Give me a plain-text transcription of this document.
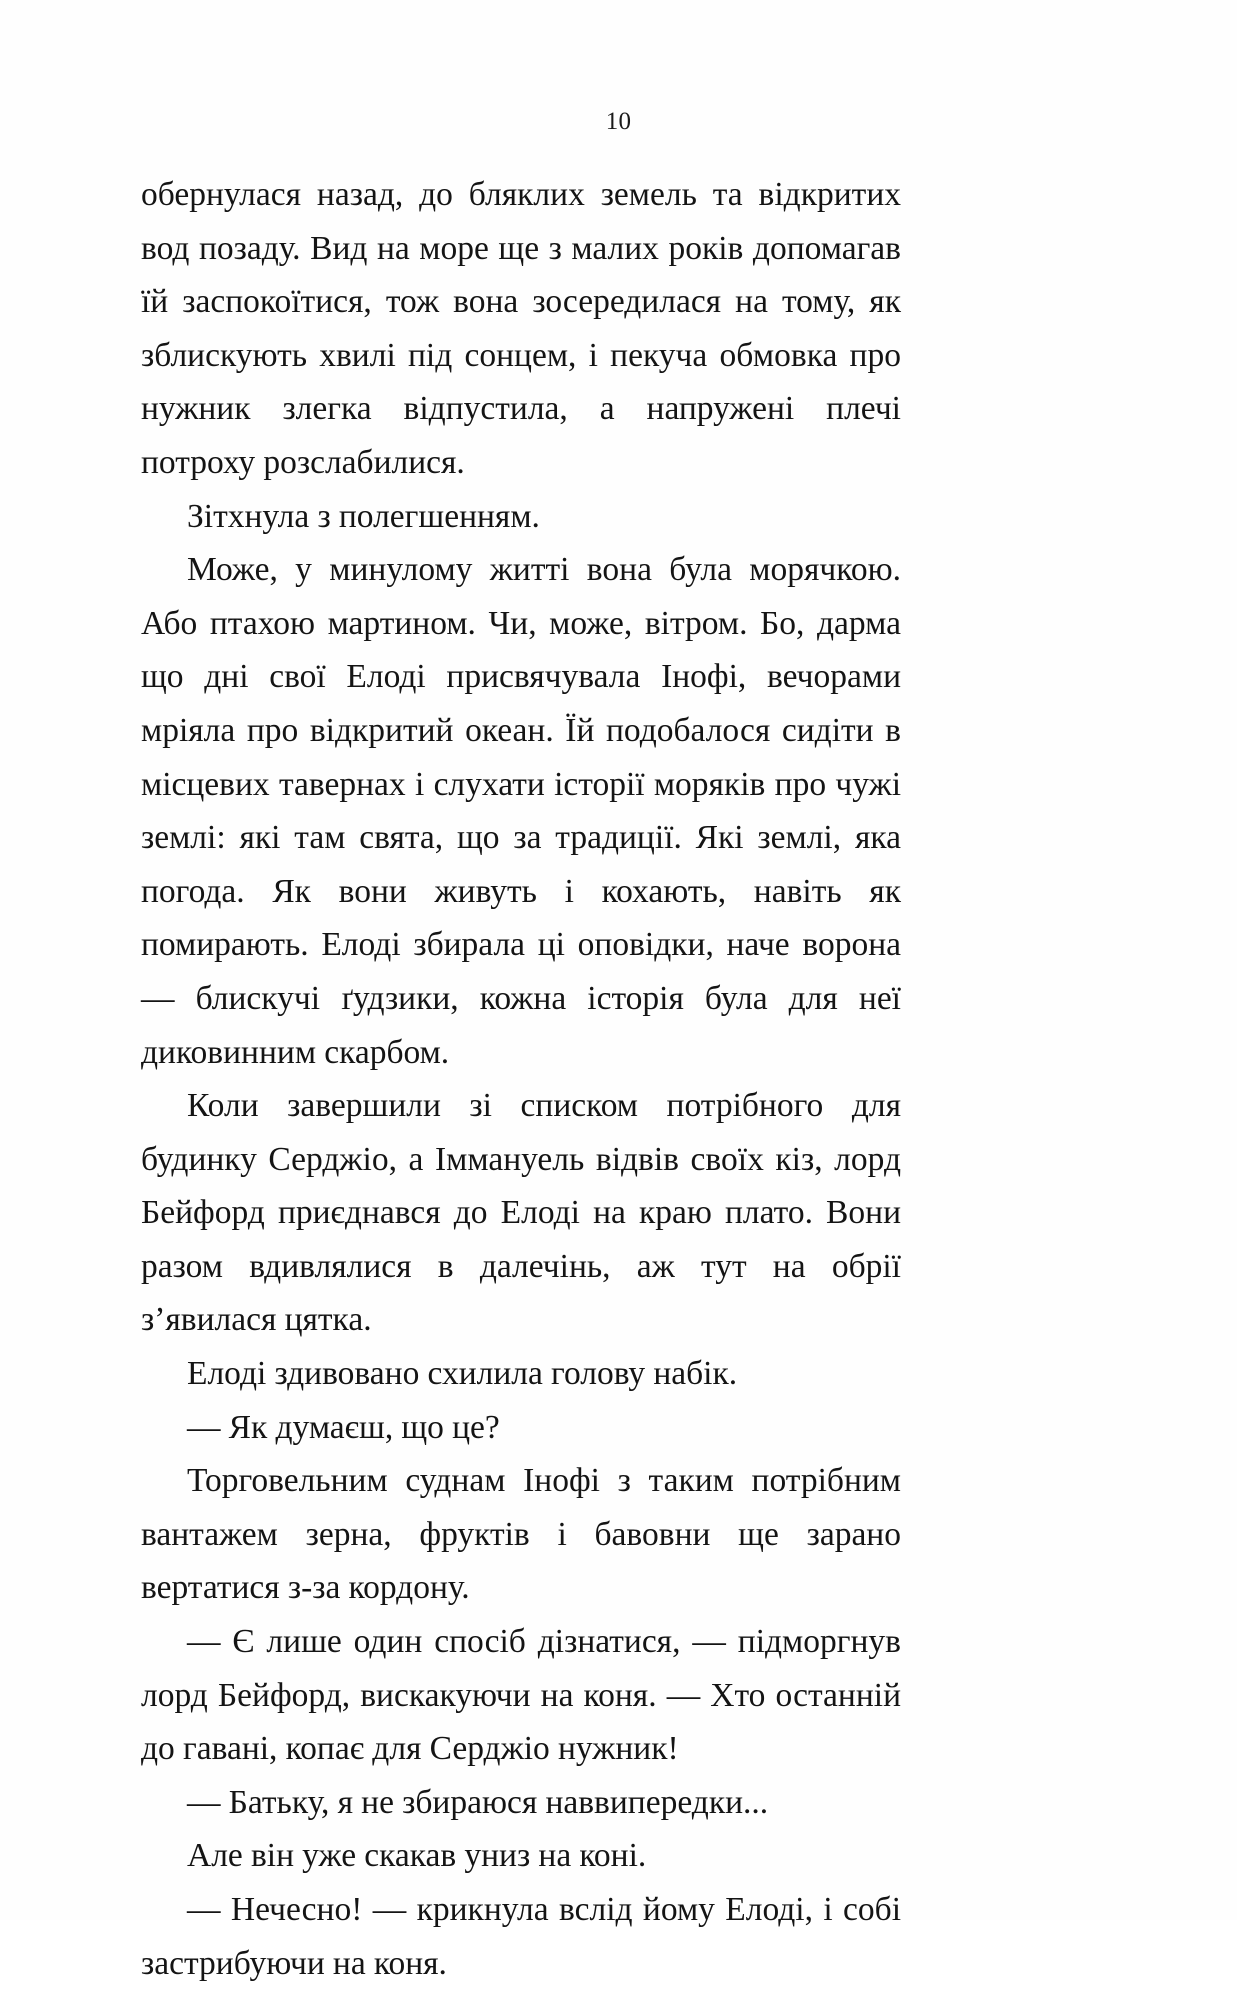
10

обернулася назад, до бляклих земель та відкритих вод позаду. Вид на море ще з малих років допомагав їй заспокоїтися, тож вона зосередилася на тому, як зблискують хвилі під сонцем, і пекуча обмовка про нужник злегка відпустила, а напружені плечі потроху розслабилися.

Зітхнула з полегшенням.

Може, у минулому житті вона була морячкою. Або птахою мартином. Чи, може, вітром. Бо, дарма що дні свої Елоді присвячувала Інофі, вечорами мріяла про відкритий океан. Їй подобалося сидіти в місцевих тавернах і слухати історії моряків про чужі землі: які там свята, що за традиції. Які землі, яка погода. Як вони живуть і кохають, навіть як помирають. Елоді збирала ці оповідки, наче ворона — блискучі ґудзики, кожна історія була для неї диковинним скарбом.

Коли завершили зі списком потрібного для будинку Серджіо, а Іммануель відвів своїх кіз, лорд Бейфорд приєднався до Елоді на краю плато. Вони разом вдивлялися в далечінь, аж тут на обрії з’явилася цятка.

Елоді здивовано схилила голову набік.

— Як думаєш, що це?

Торговельним суднам Інофі з таким потрібним вантажем зерна, фруктів і бавовни ще зарано вертатися з-за кордону.

— Є лише один спосіб дізнатися, — підморгнув лорд Бейфорд, вискакуючи на коня. — Хто останній до гавані, копає для Серджіо нужник!

— Батьку, я не збираюся наввипередки...

Але він уже скакав униз на коні.

— Нечесно! — крикнула вслід йому Елоді, і собі застрибуючи на коня.
